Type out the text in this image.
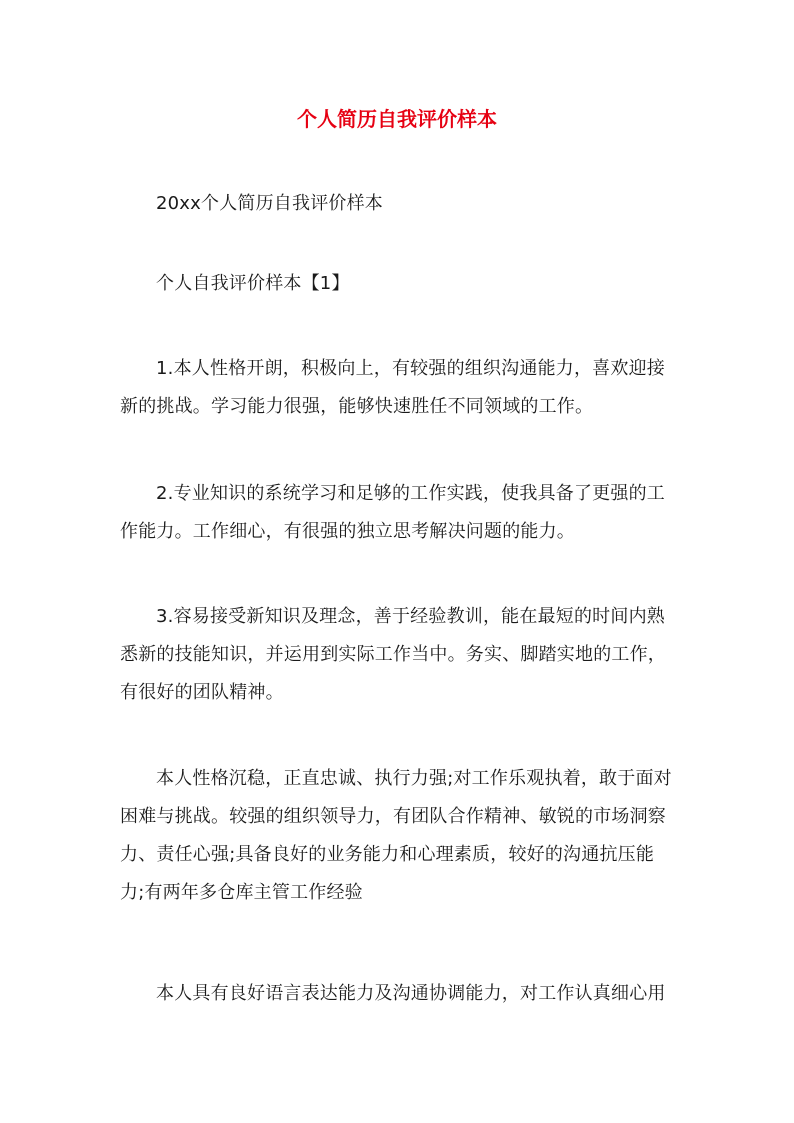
个人简历自我评价样本

20xx个人简历自我评价样本

个人自我评价样本【1】

1.本人性格开朗，积极向上，有较强的组织沟通能力，喜欢迎接新的挑战。学习能力很强，能够快速胜任不同领域的工作。

2.专业知识的系统学习和足够的工作实践，使我具备了更强的工作能力。工作细心，有很强的独立思考解决问题的能力。

3.容易接受新知识及理念，善于经验教训，能在最短的时间内熟悉新的技能知识，并运用到实际工作当中。务实、脚踏实地的工作，有很好的团队精神。

本人性格沉稳，正直忠诚、执行力强;对工作乐观执着，敢于面对困难与挑战。较强的组织领导力，有团队合作精神、敏锐的市场洞察力、责任心强;具备良好的业务能力和心理素质，较好的沟通抗压能力;有两年多仓库主管工作经验

本人具有良好语言表达能力及沟通协调能力，对工作认真细心用
